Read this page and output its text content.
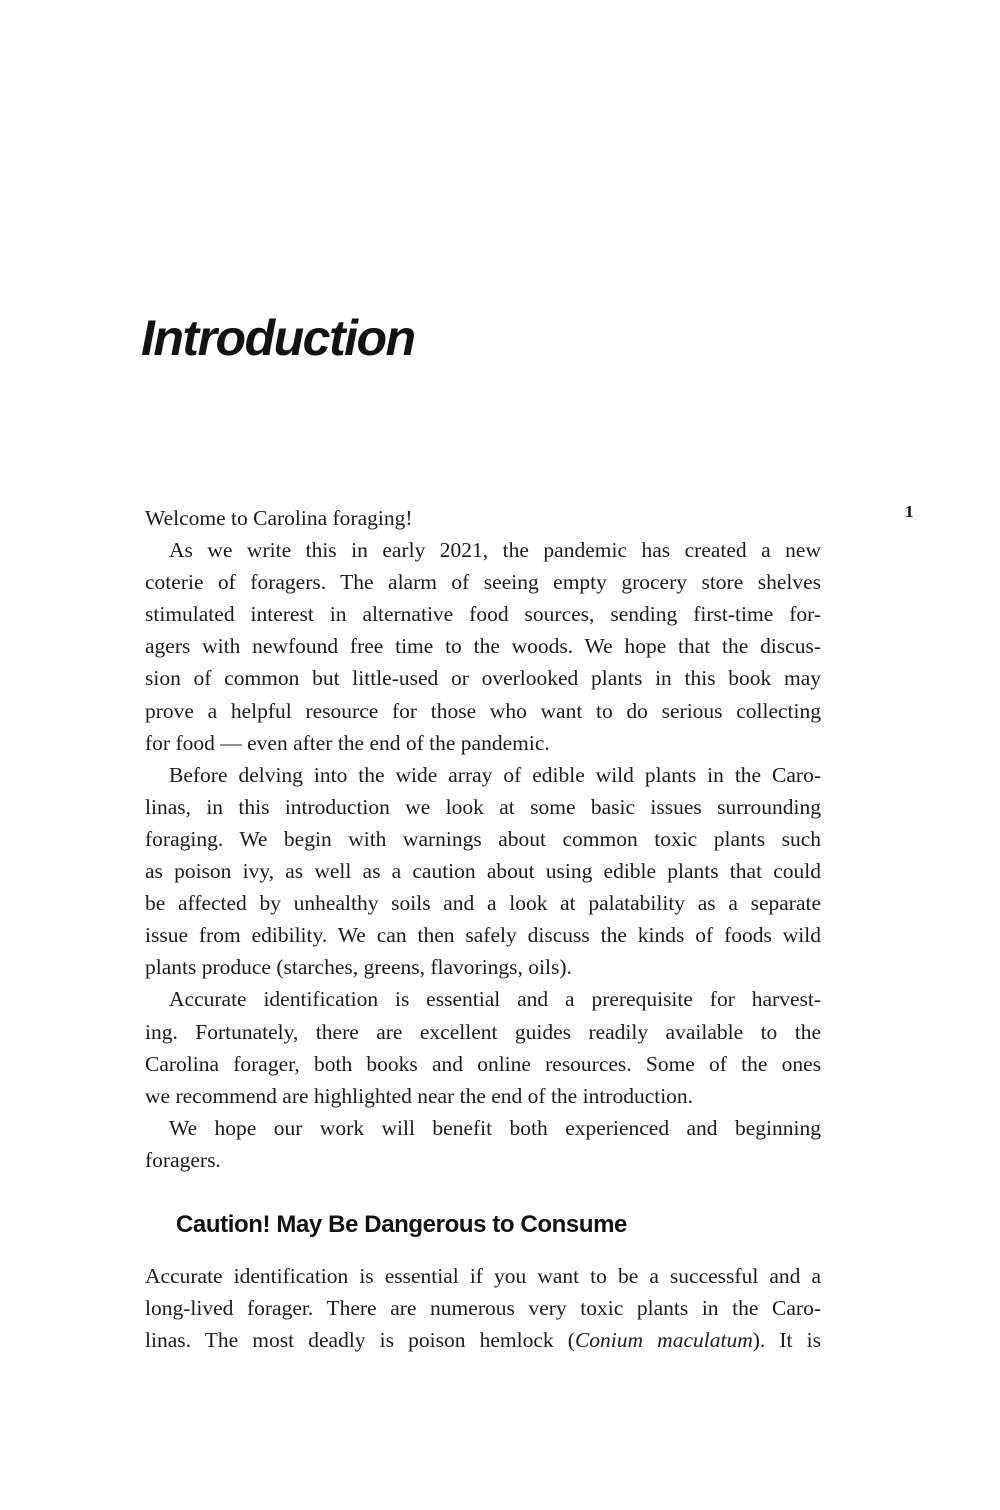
Introduction
1
Welcome to Carolina foraging!
As we write this in early 2021, the pandemic has created a new
coterie of foragers. The alarm of seeing empty grocery store shelves
stimulated interest in alternative food sources, sending first-time for-
agers with newfound free time to the woods. We hope that the discus-
sion of common but little-used or overlooked plants in this book may
prove a helpful resource for those who want to do serious collecting
for food — even after the end of the pandemic.
Before delving into the wide array of edible wild plants in the Caro-
linas, in this introduction we look at some basic issues surrounding
foraging. We begin with warnings about common toxic plants such
as poison ivy, as well as a caution about using edible plants that could
be affected by unhealthy soils and a look at palatability as a separate
issue from edibility. We can then safely discuss the kinds of foods wild
plants produce (starches, greens, flavorings, oils).
Accurate identification is essential and a prerequisite for harvest-
ing. Fortunately, there are excellent guides readily available to the
Carolina forager, both books and online resources. Some of the ones
we recommend are highlighted near the end of the introduction.
We hope our work will benefit both experienced and beginning
foragers.
Caution! May Be Dangerous to Consume
Accurate identification is essential if you want to be a successful and a
long-lived forager. There are numerous very toxic plants in the Caro-
linas. The most deadly is poison hemlock (Conium maculatum). It is
